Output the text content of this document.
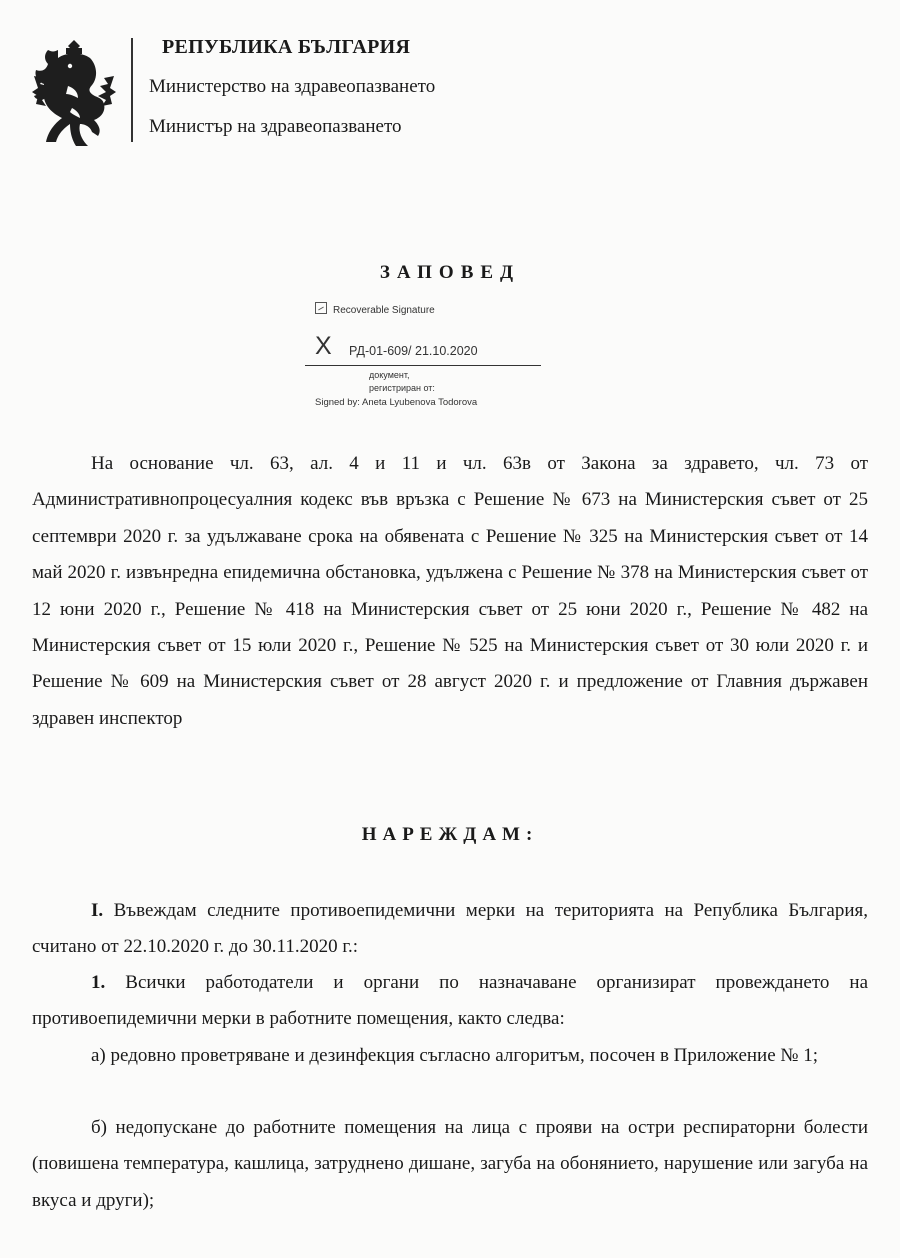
РЕПУБЛИКА БЪЛГАРИЯ
Министерство на здравеопазването
Министър на здравеопазването
ЗАПОВЕД
Recoverable Signature
X РД-01-609/ 21.10.2020
документ,
регистриран от:
Signed by: Aneta Lyubenova Todorova

На основание чл. 63, ал. 4 и 11 и чл. 63в от Закона за здравето, чл. 73 от Административнопроцесуалния кодекс във връзка с Решение № 673 на Министерския съвет от 25 септември 2020 г. за удължаване срока на обявената с Решение № 325 на Министерския съвет от 14 май 2020 г. извънредна епидемична обстановка, удължена с Решение № 378 на Министерския съвет от 12 юни 2020 г., Решение № 418 на Министерския съвет от 25 юни 2020 г., Решение № 482 на Министерския съвет от 15 юли 2020 г., Решение № 525 на Министерския съвет от 30 юли 2020 г. и Решение № 609 на Министерския съвет от 28 август 2020 г. и предложение от Главния държавен здравен инспектор

НАРЕЖДАМ:

I. Въвеждам следните противоепидемични мерки на територията на Република България, считано от 22.10.2020 г. до 30.11.2020 г.:

1. Всички работодатели и органи по назначаване организират провеждането на противоепидемични мерки в работните помещения, както следва:

а) редовно проветряване и дезинфекция съгласно алгоритъм, посочен в Приложение № 1;

б) недопускане до работните помещения на лица с прояви на остри респираторни болести (повишена температура, кашлица, затруднено дишане, загуба на обонянието, нарушение или загуба на вкуса и други);
